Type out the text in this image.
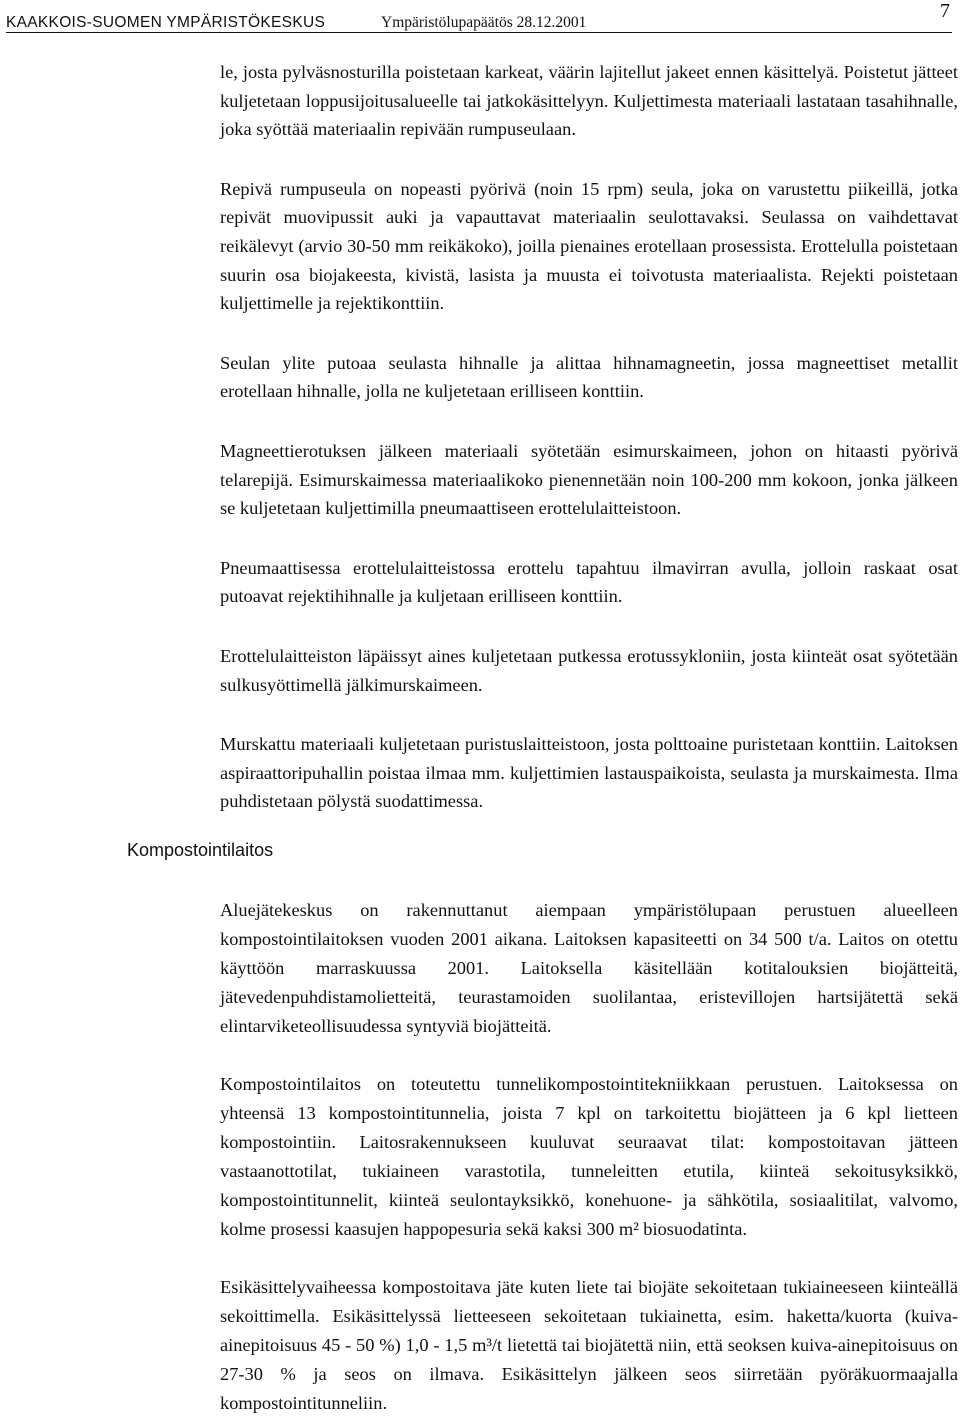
KAAKKOIS-SUOMEN YMPÄRISTÖKESKUS	Ympäristölupapäätös 28.12.2001
7

le, josta pylväsnosturilla poistetaan karkeat, väärin lajitellut jakeet ennen käsittelyä. Poistetut jätteet kuljetetaan loppusijoitusalueelle tai jatkokäsittelyyn. Kuljettimesta materiaali lastataan tasahihnalle, joka syöttää materiaalin repivään rumpuseulaan.

Repivä rumpuseula on nopeasti pyörivä (noin 15 rpm) seula, joka on varustettu piikeillä, jotka repivät muovipussit auki ja vapauttavat materiaalin seulottavaksi. Seulassa on vaihdettavat reikälevyt (arvio 30-50 mm reikäkoko), joilla pienaines erotellaan prosessista. Erottelulla poistetaan suurin osa biojakeesta, kivistä, lasista ja muusta ei toivotusta materiaalista. Rejekti poistetaan kuljettimelle ja rejektikonttiin.

Seulan ylite putoaa seulasta hihnalle ja alittaa hihnamagneetin, jossa magneettiset metallit erotellaan hihnalle, jolla ne kuljetetaan erilliseen konttiin.

Magneettierotuksen jälkeen materiaali syötetään esimurskaimeen, johon on hitaasti pyörivä telarepijä. Esimurskaimessa materiaalikoko pienennetään noin 100-200 mm kokoon, jonka jälkeen se kuljetetaan kuljettimilla pneumaattiseen erottelulaitteistoon.

Pneumaattisessa erottelulaitteistossa erottelu tapahtuu ilmavirran avulla, jolloin raskaat osat putoavat rejektihihnalle ja kuljetaan erilliseen konttiin.

Erottelulaitteiston läpäissyt aines kuljetetaan putkessa erotussykloniin, josta kiinteät osat syötetään sulkusyöttimellä jälkimurskaimeen.

Murskattu materiaali kuljetetaan puristuslaitteistoon, josta polttoaine puristetaan konttiin. Laitoksen aspiraattoripuhallin poistaa ilmaa mm. kuljettimien lastauspaikoista, seulasta ja murskaimesta. Ilma puhdistetaan pölystä suodattimessa.

Kompostointilaitos

Aluejätekeskus on rakennuttanut aiempaan ympäristölupaan perustuen alueelleen kompostointilaitoksen vuoden 2001 aikana. Laitoksen kapasiteetti on 34 500 t/a. Laitos on otettu käyttöön marraskuussa 2001. Laitoksella käsitellään kotitalouksien biojätteitä, jätevedenpuhdistamolietteitä, teurastamoiden suolilantaa, eristevillojen hartsijätettä sekä elintarviketeollisuudessa syntyviä biojätteitä.

Kompostointilaitos on toteutettu tunnelikompostointitekniikkaan perustuen. Laitoksessa on yhteensä 13 kompostointitunnelia, joista 7 kpl on tarkoitettu biojätteen ja 6 kpl lietteen kompostointiin. Laitosrakennukseen kuuluvat seuraavat tilat: kompostoitavan jätteen vastaanottotilat, tukiaineen varastotila, tunneleitten etutila, kiinteä sekoitusyksikkö, kompostointitunnelit, kiinteä seulontayksikkö, konehuone- ja sähkötila, sosiaalitilat, valvomo, kolme prosessi kaasujen happopesuria sekä kaksi 300 m² biosuodatinta.

Esikäsittelyvaiheessa kompostoitava jäte kuten liete tai biojäte sekoitetaan tukiaineeseen kiinteällä sekoittimella. Esikäsittelyssä lietteeseen sekoitetaan tukiainetta, esim. haketta/kuorta (kuiva-ainepitoisuus 45 - 50 %) 1,0 - 1,5 m³/t lietettä tai biojätettä niin, että seoksen kuiva-ainepitoisuus on 27-30 % ja seos on ilmava. Esikäsittelyn jälkeen seos siirretään pyöräkuormaajalla kompostointitunneliin.
